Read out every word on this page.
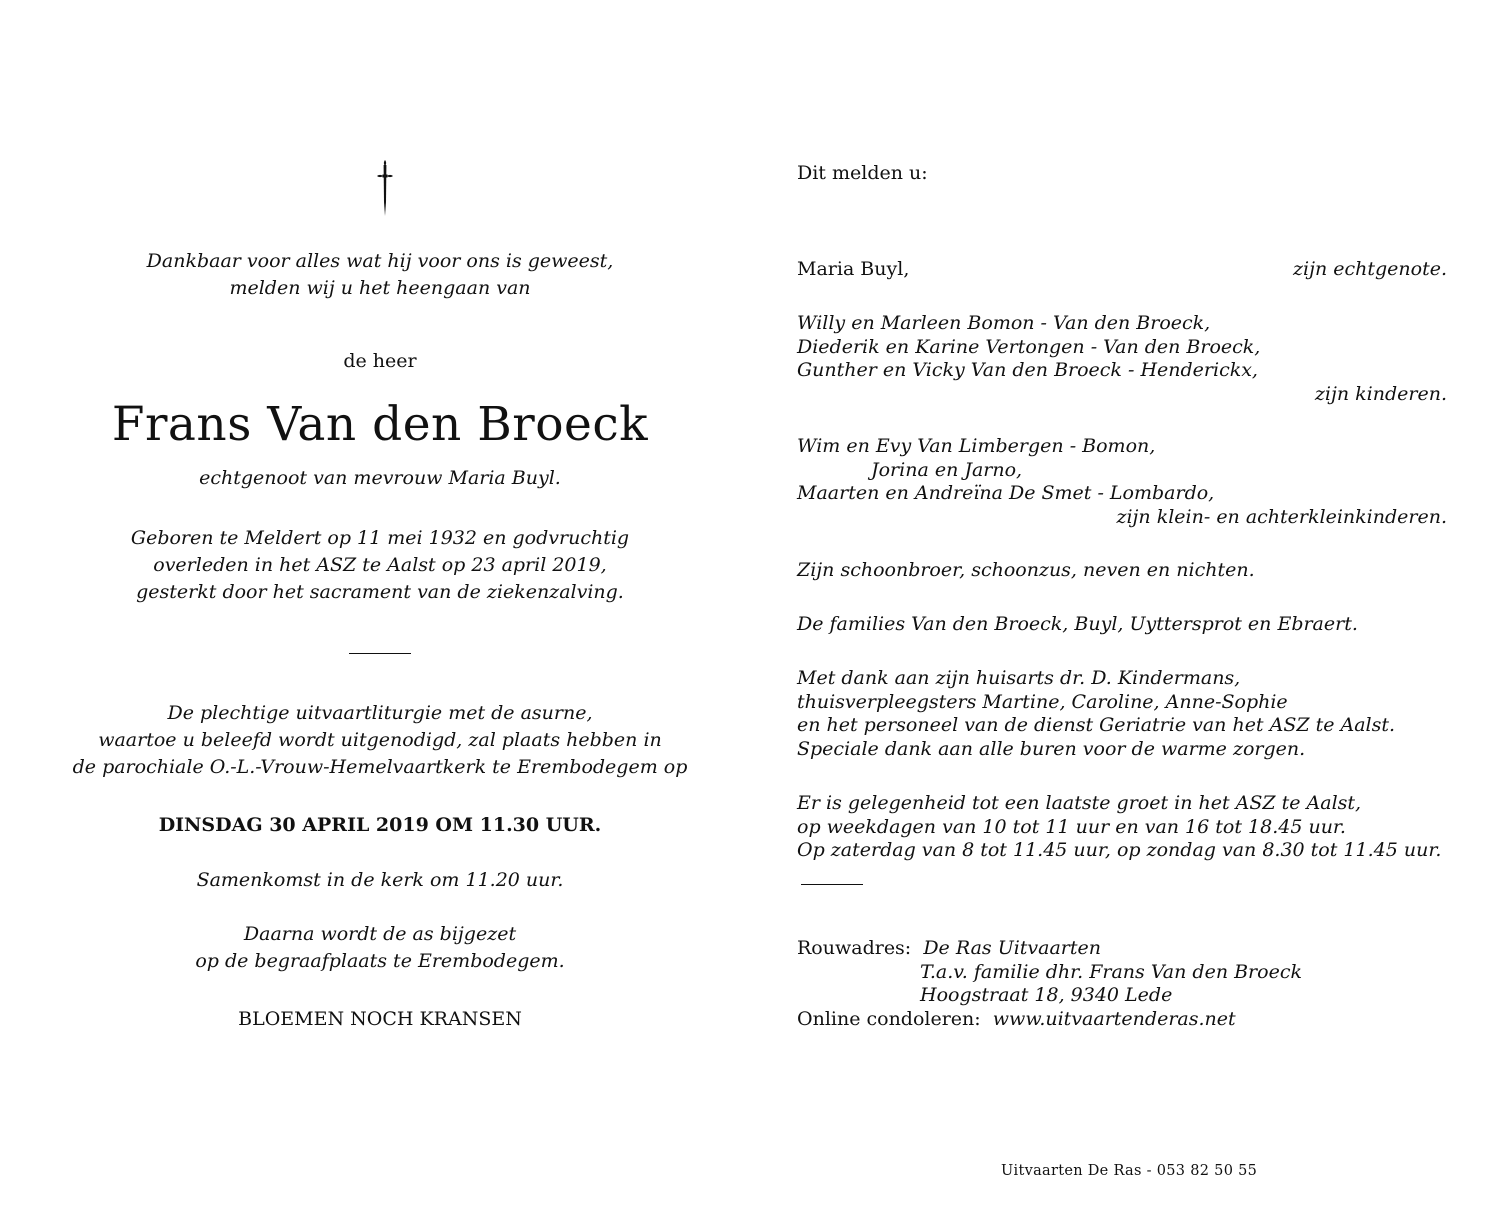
Dankbaar voor alles wat hij voor ons is geweest,
melden wij u het heengaan van
de heer
Frans Van den Broeck
echtgenoot van mevrouw Maria Buyl.
Geboren te Meldert op 11 mei 1932 en godvruchtig
overleden in het ASZ te Aalst op 23 april 2019,
gesterkt door het sacrament van de ziekenzalving.
De plechtige uitvaartliturgie met de asurne,
waartoe u beleefd wordt uitgenodigd, zal plaats hebben in
de parochiale O.-L.-Vrouw-Hemelvaartkerk te Erembodegem op
DINSDAG 30 APRIL 2019 OM 11.30 UUR.
Samenkomst in de kerk om 11.20 uur.
Daarna wordt de as bijgezet
op de begraafplaats te Erembodegem.
BLOEMEN NOCH KRANSEN
Dit melden u:
Maria Buyl,	zijn echtgenote.
Willy en Marleen Bomon - Van den Broeck,
Diederik en Karine Vertongen - Van den Broeck,
Gunther en Vicky Van den Broeck - Henderickx,
zijn kinderen.
Wim en Evy Van Limbergen - Bomon,
Jorina en Jarno,
Maarten en Andreïna De Smet - Lombardo,
zijn klein- en achterkleinkinderen.
Zijn schoonbroer, schoonzus, neven en nichten.
De families Van den Broeck, Buyl, Uyttersprot en Ebraert.
Met dank aan zijn huisarts dr. D. Kindermans,
thuisverpleegsters Martine, Caroline, Anne-Sophie
en het personeel van de dienst Geriatrie van het ASZ te Aalst.
Speciale dank aan alle buren voor de warme zorgen.
Er is gelegenheid tot een laatste groet in het ASZ te Aalst,
op weekdagen van 10 tot 11 uur en van 16 tot 18.45 uur.
Op zaterdag van 8 tot 11.45 uur, op zondag van 8.30 tot 11.45 uur.
Rouwadres: De Ras Uitvaarten
T.a.v. familie dhr. Frans Van den Broeck
Hoogstraat 18, 9340 Lede
Online condoleren: www.uitvaartenderas.net
Uitvaarten De Ras - 053 82 50 55
